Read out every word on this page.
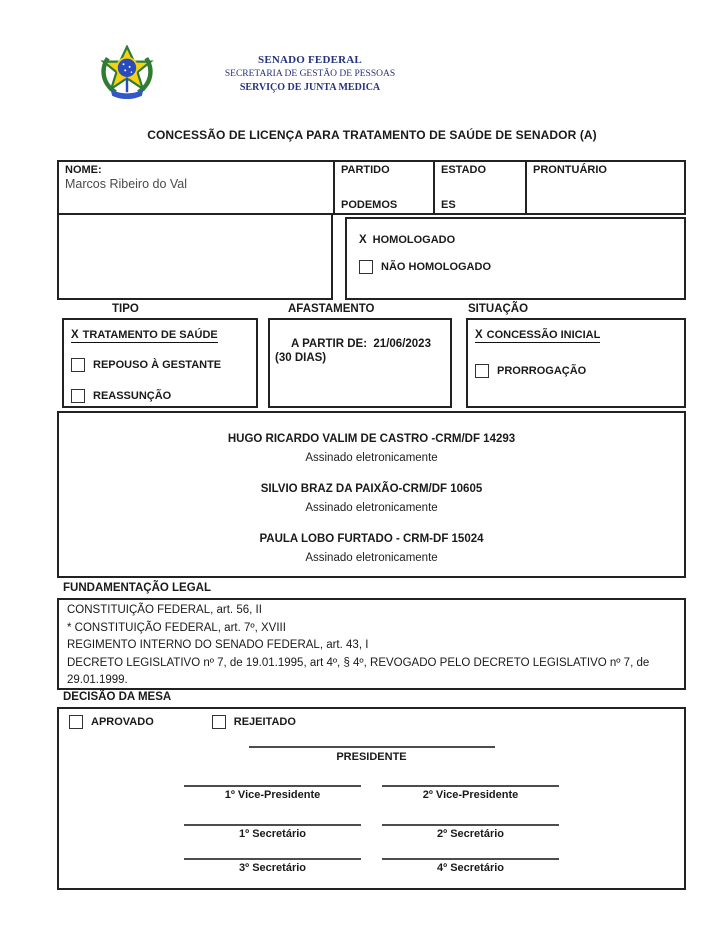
SENADO FEDERAL
SECRETARIA DE GESTÃO DE PESSOAS
SERVIÇO DE JUNTA MEDICA
CONCESSÃO DE LICENÇA PARA TRATAMENTO DE SAÚDE DE SENADOR (A)
NOME:
Marcos Ribeiro do Val
PARTIDO
PODEMOS
ESTADO
ES
PRONTUÁRIO
X HOMOLOGADO
NÃO HOMOLOGADO
TIPO	AFASTAMENTO	SITUAÇÃO
X TRATAMENTO DE SAÚDE
REPOUSO À GESTANTE
REASSUNÇÃO
A PARTIR DE:  21/06/2023
(30 DIAS)
X CONCESSÃO INICIAL
PRORROGAÇÃO
HUGO RICARDO VALIM DE CASTRO -CRM/DF 14293
Assinado eletronicamente
SILVIO BRAZ DA PAIXÃO-CRM/DF 10605
Assinado eletronicamente
PAULA LOBO FURTADO - CRM-DF 15024
Assinado eletronicamente
FUNDAMENTAÇÃO LEGAL
CONSTITUIÇÃO FEDERAL, art. 56, II
* CONSTITUIÇÃO FEDERAL, art. 7º, XVIII
REGIMENTO INTERNO DO SENADO FEDERAL, art. 43, I
DECRETO LEGISLATIVO nº 7, de 19.01.1995, art 4º, § 4º, REVOGADO PELO DECRETO LEGISLATIVO nº 7, de 29.01.1999.
DECISÃO DA MESA
APROVADO	REJEITADO
PRESIDENTE
1º Vice-Presidente	2º Vice-Presidente
1º Secretário	2º Secretário
3º Secretário	4º Secretário
